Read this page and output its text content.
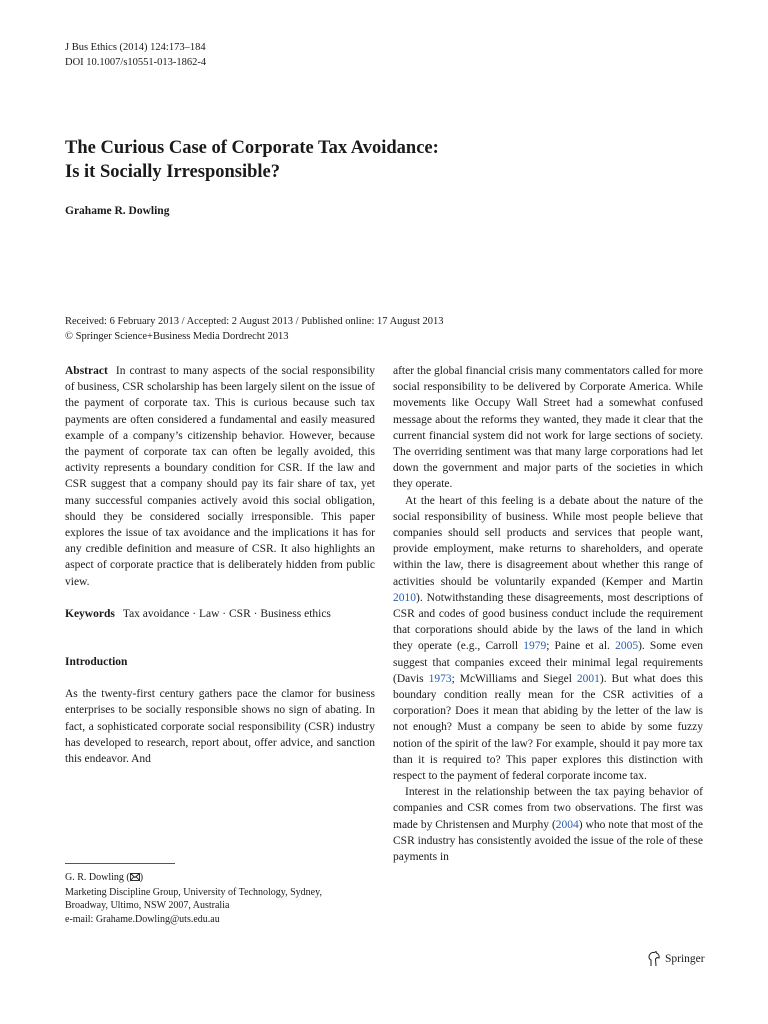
J Bus Ethics (2014) 124:173–184
DOI 10.1007/s10551-013-1862-4
The Curious Case of Corporate Tax Avoidance:
Is it Socially Irresponsible?
Grahame R. Dowling
Received: 6 February 2013 / Accepted: 2 August 2013 / Published online: 17 August 2013
© Springer Science+Business Media Dordrecht 2013

Abstract In contrast to many aspects of the social responsibility of business, CSR scholarship has been largely silent on the issue of the payment of corporate tax. This is curious because such tax payments are often considered a fundamental and easily measured example of a company’s citizenship behavior. However, because the payment of corporate tax can often be legally avoided, this activity represents a boundary condition for CSR. If the law and CSR suggest that a company should pay its fair share of tax, yet many successful companies actively avoid this social obligation, should they be considered socially irresponsible. This paper explores the issue of tax avoidance and the implications it has for any credible definition and measure of CSR. It also highlights an aspect of corporate practice that is deliberately hidden from public view.

Keywords Tax avoidance · Law · CSR · Business ethics

Introduction

As the twenty-first century gathers pace the clamor for business enterprises to be socially responsible shows no sign of abating. In fact, a sophisticated corporate social responsibility (CSR) industry has developed to research, report about, offer advice, and sanction this endeavor. And

after the global financial crisis many commentators called for more social responsibility to be delivered by Corporate America. While movements like Occupy Wall Street had a somewhat confused message about the reforms they wanted, they made it clear that the current financial system did not work for large sections of society. The overriding sentiment was that many large corporations had let down the government and major parts of the societies in which they operate.

At the heart of this feeling is a debate about the nature of the social responsibility of business. While most people believe that companies should sell products and services that people want, provide employment, make returns to shareholders, and operate within the law, there is disagreement about whether this range of activities should be voluntarily expanded (Kemper and Martin 2010). Notwithstanding these disagreements, most descriptions of CSR and codes of good business conduct include the requirement that corporations should abide by the laws of the land in which they operate (e.g., Carroll 1979; Paine et al. 2005). Some even suggest that companies exceed their minimal legal requirements (Davis 1973; McWilliams and Siegel 2001). But what does this boundary condition really mean for the CSR activities of a corporation? Does it mean that abiding by the letter of the law is not enough? Must a company be seen to abide by some fuzzy notion of the spirit of the law? For example, should it pay more tax than it is required to? This paper explores this distinction with respect to the payment of federal corporate income tax.

Interest in the relationship between the tax paying behavior of companies and CSR comes from two observations. The first was made by Christensen and Murphy (2004) who note that most of the CSR industry has consistently avoided the issue of the role of these payments in

G. R. Dowling ( )
Marketing Discipline Group, University of Technology, Sydney,
Broadway, Ultimo, NSW 2007, Australia
e-mail: Grahame.Dowling@uts.edu.au
Springer
